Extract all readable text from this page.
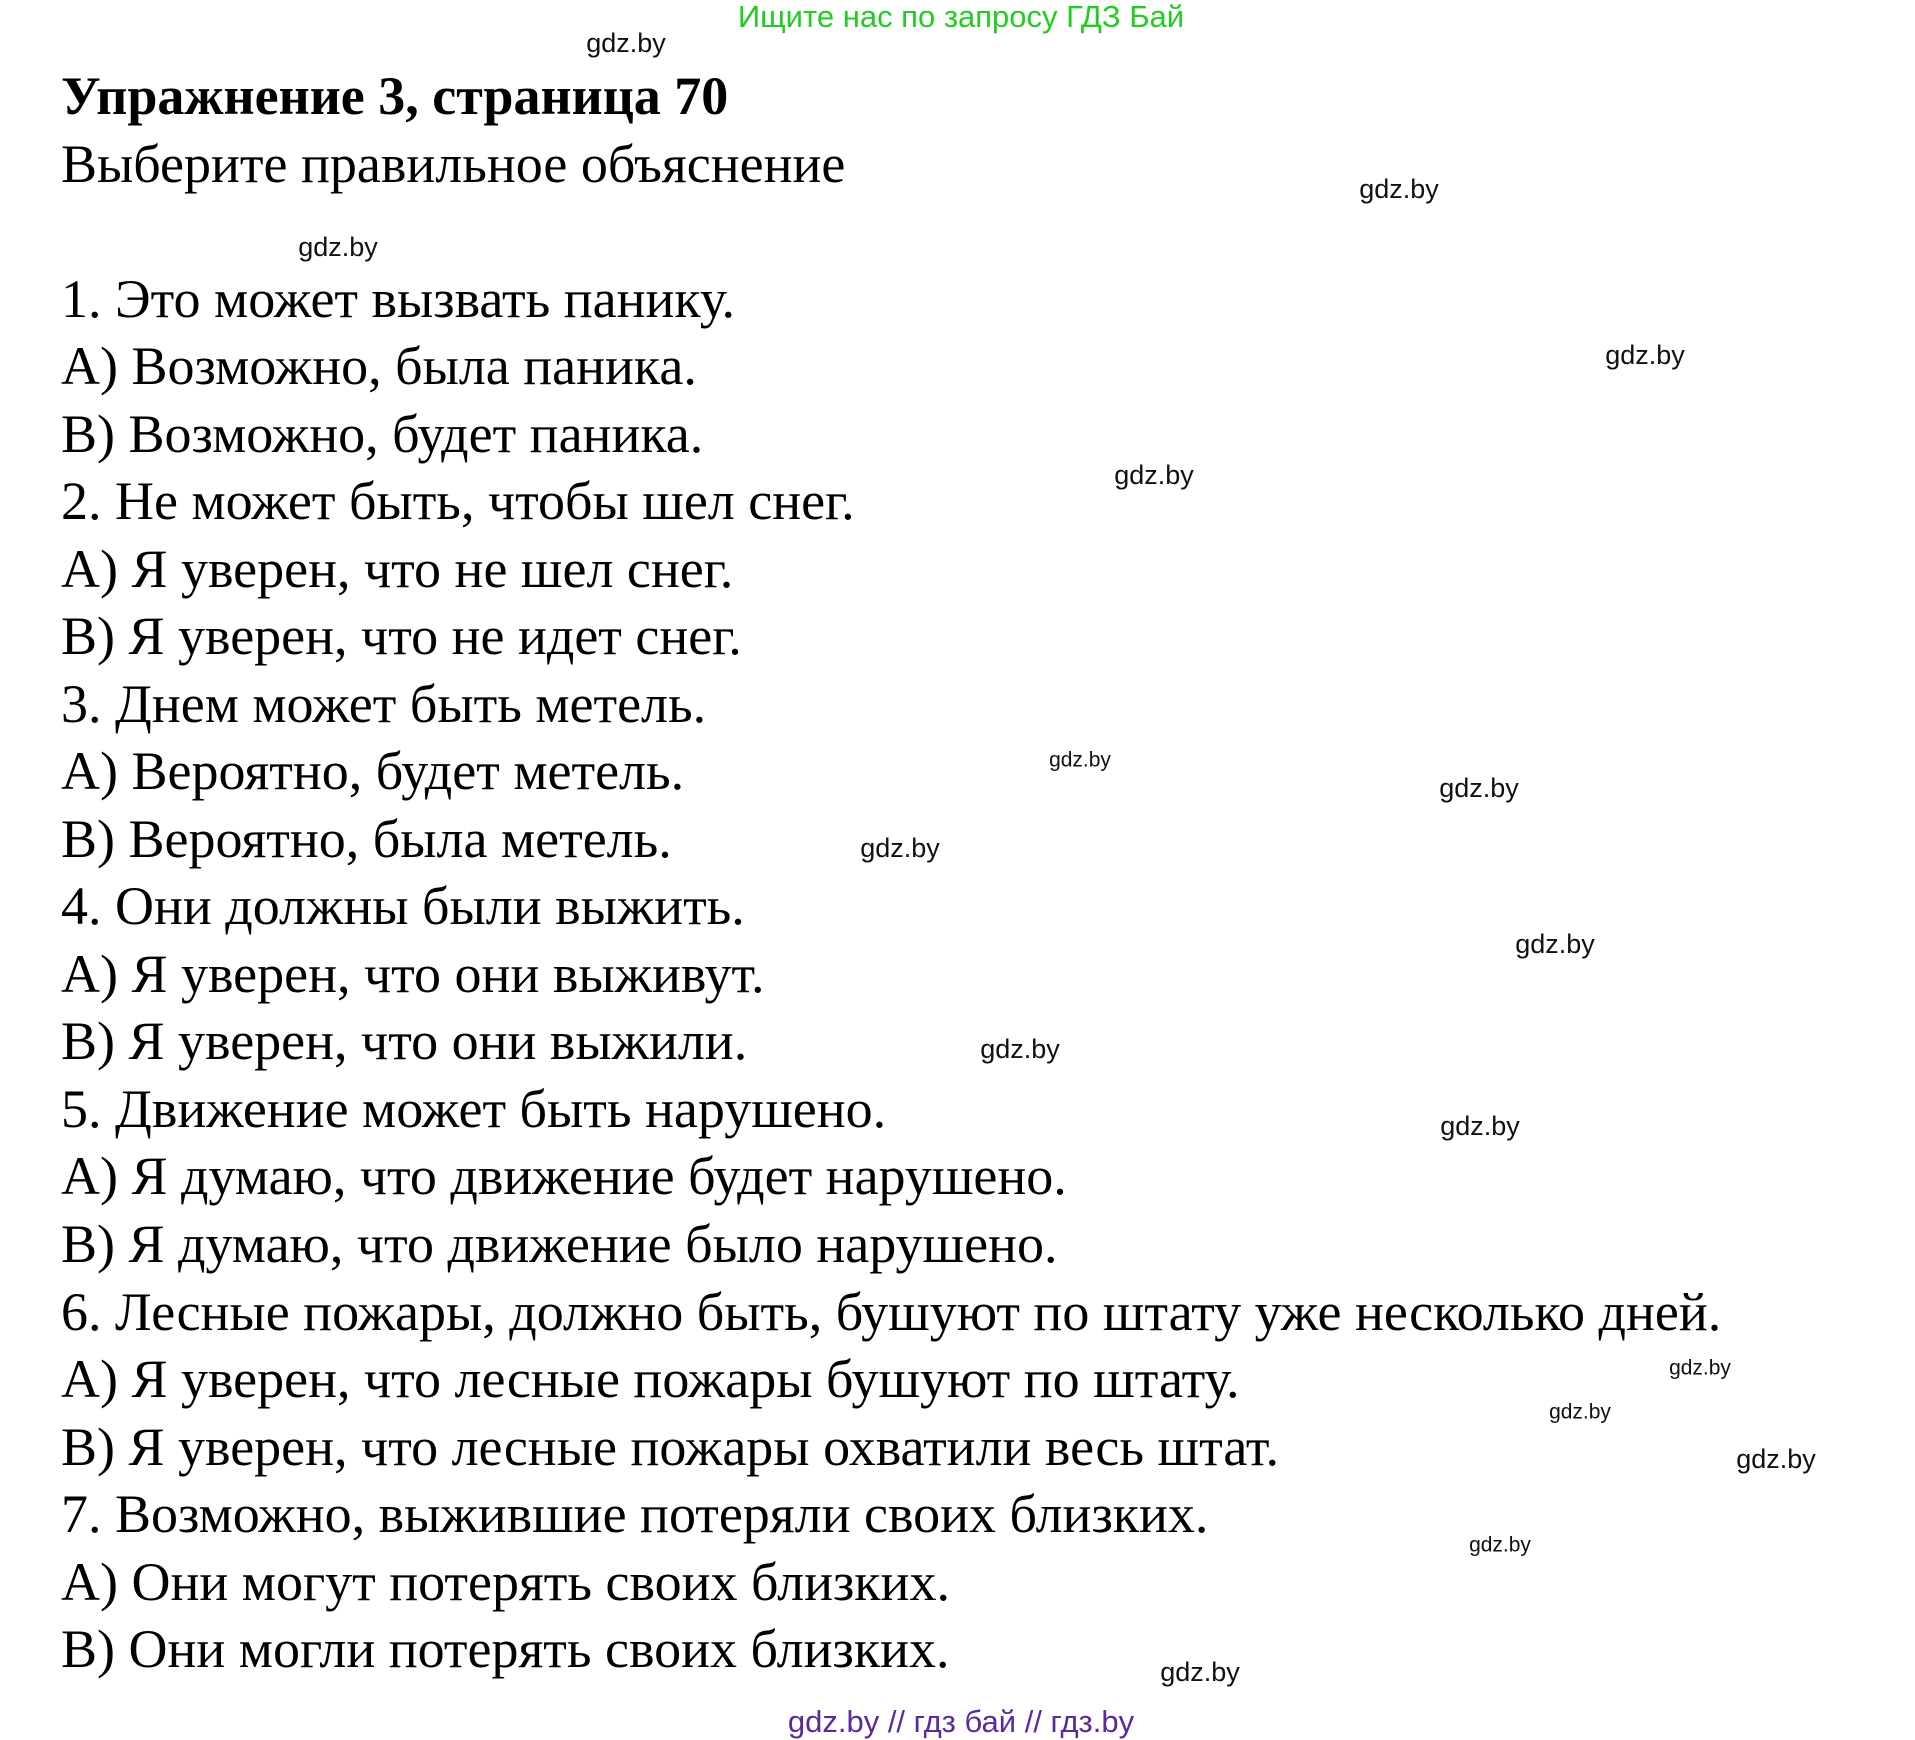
Ищите нас по запросу ГДЗ Бай
Упражнение 3, страница 70
Выберите правильное объяснение
1. Это может вызвать панику.
A) Возможно, была паника.
B) Возможно, будет паника.
2. Не может быть, чтобы шел снег.
A) Я уверен, что не шел снег.
B) Я уверен, что не идет снег.
3. Днем может быть метель.
A) Вероятно, будет метель.
B) Вероятно, была метель.
4. Они должны были выжить.
A) Я уверен, что они выживут.
B) Я уверен, что они выжили.
5. Движение может быть нарушено.
A) Я думаю, что движение будет нарушено.
B) Я думаю, что движение было нарушено.
6. Лесные пожары, должно быть, бушуют по штату уже несколько дней.
A) Я уверен, что лесные пожары бушуют по штату.
B) Я уверен, что лесные пожары охватили весь штат.
7. Возможно, выжившие потеряли своих близких.
A) Они могут потерять своих близких.
B) Они могли потерять своих близких.
gdz.by
gdz.by
gdz.by
gdz.by
gdz.by
gdz.by
gdz.by
gdz.by
gdz.by
gdz.by
gdz.by
gdz.by
gdz.by
gdz.by
gdz.by
gdz.by
gdz.by // гдз бай // гдз.by
